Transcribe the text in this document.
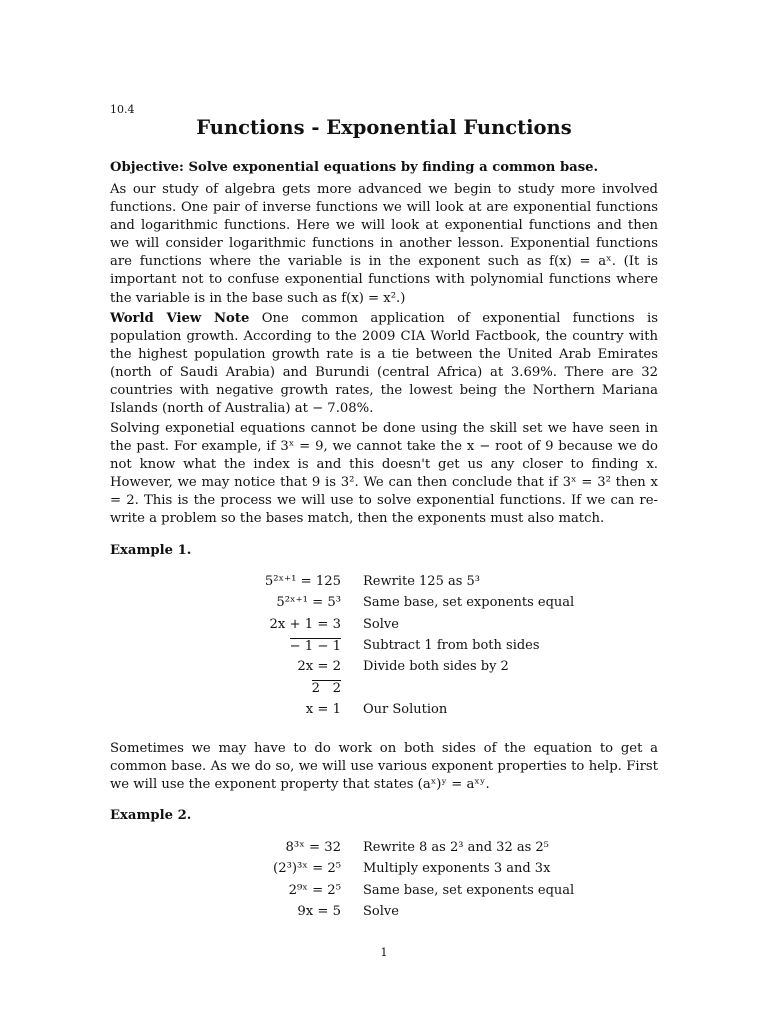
10.4
Functions - Exponential Functions

Objective: Solve exponential equations by finding a common base.

As our study of algebra gets more advanced we begin to study more involved functions. One pair of inverse functions we will look at are exponential functions and logarithmic functions. Here we will look at exponential functions and then we will consider logarithmic functions in another lesson. Exponential functions are functions where the variable is in the exponent such as f(x) = aˣ. (It is important not to confuse exponential functions with polynomial functions where the variable is in the base such as f(x) = x².)

World View Note One common application of exponential functions is population growth. According to the 2009 CIA World Factbook, the country with the highest population growth rate is a tie between the United Arab Emirates (north of Saudi Arabia) and Burundi (central Africa) at 3.69%. There are 32 countries with negative growth rates, the lowest being the Northern Mariana Islands (north of Australia) at − 7.08%.

Solving exponetial equations cannot be done using the skill set we have seen in the past. For example, if 3ˣ = 9, we cannot take the x − root of 9 because we do not know what the index is and this doesn't get us any closer to finding x. However, we may notice that 9 is 3². We can then conclude that if 3ˣ = 3² then x = 2. This is the process we will use to solve exponential functions. If we can re-write a problem so the bases match, then the exponents must also match.

Example 1.

5²ˣ⁺¹ = 125 Rewrite 125 as 5³
5²ˣ⁺¹ = 5³ Same base, set exponents equal
2x + 1 = 3 Solve
− 1 − 1 Subtract 1 from both sides
2x = 2 Divide both sides by 2
2   2
x = 1 Our Solution

Sometimes we may have to do work on both sides of the equation to get a common base. As we do so, we will use various exponent properties to help. First we will use the exponent property that states (aˣ)ʸ = aˣʸ.

Example 2.

8³ˣ = 32 Rewrite 8 as 2³ and 32 as 2⁵
(2³)³ˣ = 2⁵ Multiply exponents 3 and 3x
2⁹ˣ = 2⁵ Same base, set exponents equal
9x = 5 Solve
1
